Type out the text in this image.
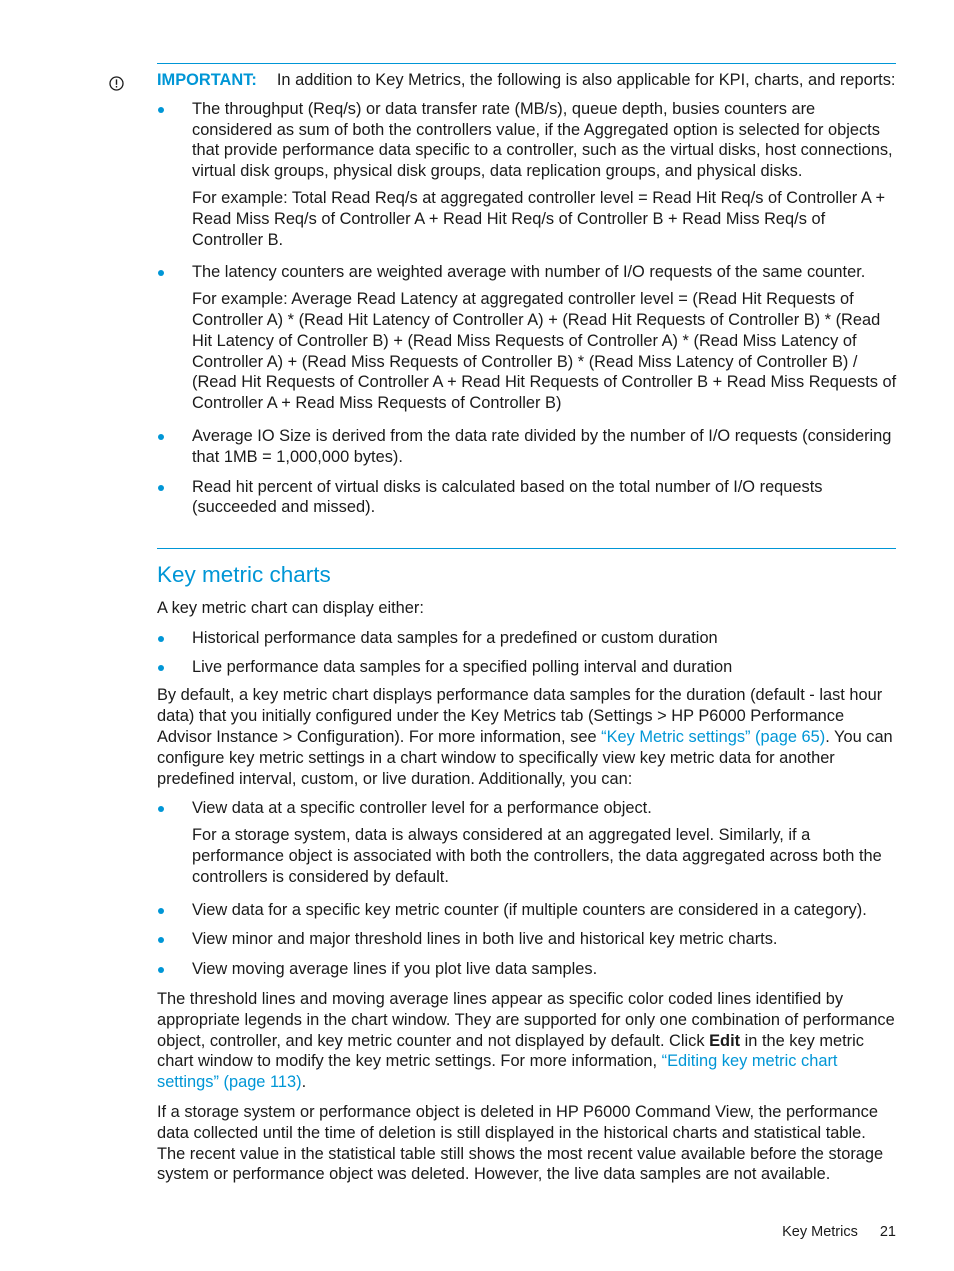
IMPORTANT: In addition to Key Metrics, the following is also applicable for KPI, charts, and reports:

The throughput (Req/s) or data transfer rate (MB/s), queue depth, busies counters are considered as sum of both the controllers value, if the Aggregated option is selected for objects that provide performance data specific to a controller, such as the virtual disks, host connections, virtual disk groups, physical disk groups, data replication groups, and physical disks.

For example: Total Read Req/s at aggregated controller level = Read Hit Req/s of Controller A + Read Miss Req/s of Controller A + Read Hit Req/s of Controller B + Read Miss Req/s of Controller B.

The latency counters are weighted average with number of I/O requests of the same counter.

For example: Average Read Latency at aggregated controller level = (Read Hit Requests of Controller A) * (Read Hit Latency of Controller A) + (Read Hit Requests of Controller B) * (Read Hit Latency of Controller B) + (Read Miss Requests of Controller A) * (Read Miss Latency of Controller A) + (Read Miss Requests of Controller B) * (Read Miss Latency of Controller B) / (Read Hit Requests of Controller A + Read Hit Requests of Controller B + Read Miss Requests of Controller A + Read Miss Requests of Controller B)

Average IO Size is derived from the data rate divided by the number of I/O requests (considering that 1MB = 1,000,000 bytes).

Read hit percent of virtual disks is calculated based on the total number of I/O requests (succeeded and missed).

Key metric charts

A key metric chart can display either:

Historical performance data samples for a predefined or custom duration

Live performance data samples for a specified polling interval and duration

By default, a key metric chart displays performance data samples for the duration (default - last hour data) that you initially configured under the Key Metrics tab (Settings > HP P6000 Performance Advisor Instance > Configuration). For more information, see “Key Metric settings” (page 65). You can configure key metric settings in a chart window to specifically view key metric data for another predefined interval, custom, or live duration. Additionally, you can:

View data at a specific controller level for a performance object.

For a storage system, data is always considered at an aggregated level. Similarly, if a performance object is associated with both the controllers, the data aggregated across both the controllers is considered by default.

View data for a specific key metric counter (if multiple counters are considered in a category).

View minor and major threshold lines in both live and historical key metric charts.

View moving average lines if you plot live data samples.

The threshold lines and moving average lines appear as specific color coded lines identified by appropriate legends in the chart window. They are supported for only one combination of performance object, controller, and key metric counter and not displayed by default. Click Edit in the key metric chart window to modify the key metric settings. For more information, “Editing key metric chart settings” (page 113).

If a storage system or performance object is deleted in HP P6000 Command View, the performance data collected until the time of deletion is still displayed in the historical charts and statistical table. The recent value in the statistical table still shows the most recent value available before the storage system or performance object was deleted. However, the live data samples are not available.

Key Metrics 21
